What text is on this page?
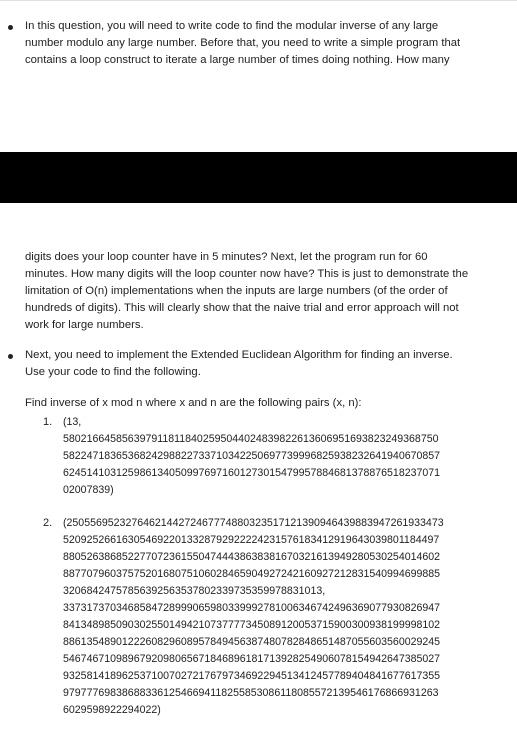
In this question, you will need to write code to find the modular inverse of any large
number modulo any large number. Before that, you need to write a simple program that
contains a loop construct to iterate a large number of times doing nothing. How many
digits does your loop counter have in 5 minutes? Next, let the program run for 60
minutes. How many digits will the loop counter now have? This is just to demonstrate the
limitation of O(n) implementations when the inputs are large numbers (of the order of
hundreds of digits). This will clearly show that the naive trial and error approach will not
work for large numbers.
Next, you need to implement the Extended Euclidean Algorithm for finding an inverse.
Use your code to find the following.
Find inverse of x mod n where x and n are the following pairs (x, n):
1. (13,
5802166458563979118118402595044024839822613606951693823249368750
5822471836536824298822733710342250697739996825938232641940670857
6245141031259861340509976971601273015479957884681378876518237071
02007839)
2. (2505569523276462144272467774880323517121390946439883947261933473
5209252661630546922013328792922224231576183412919643039801184497
8805263868522770723615504744438638381670321613949280530254014602
8877079603757520168075106028465904927242160927212831540994699885
3206842475785639256353780233973535997883101​3,
3373173703468584728999065980339992781006346742496369077930826947
8413489850903025501494210737777345089120053715900300938199998102
8861354890122260829608957849456387480782848651487055603560029245
5467467109896792098065671846896181713928254906078154942647385027
9325814189625371007027217679734692294513412457789404841677617355
9797776983868833612546694118255853086118085572139546176866931263
6029598922294022)
